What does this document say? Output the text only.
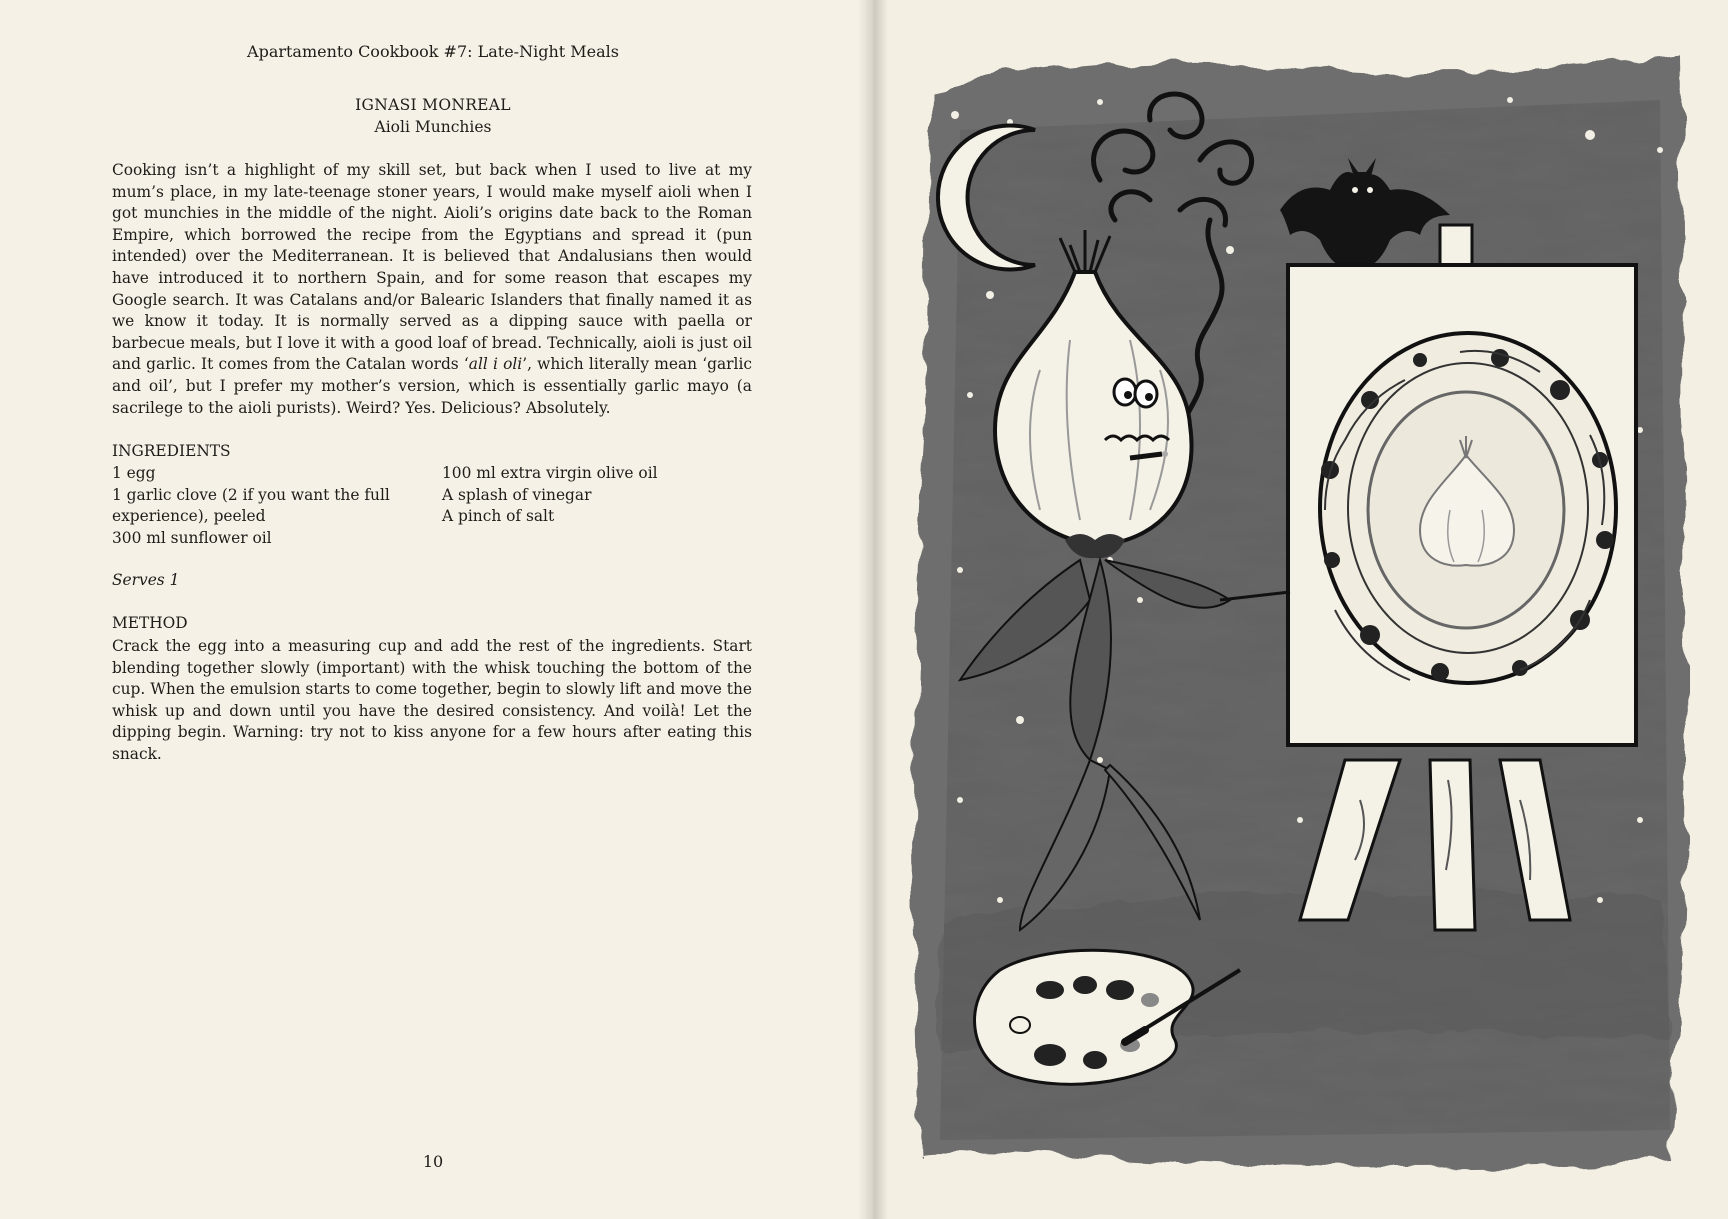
Apartamento Cookbook #7: Late-Night Meals
IGNASI MONREAL
Aioli Munchies

Cooking isn’t a highlight of my skill set, but back when I used to live at my mum’s place, in my late-teenage stoner years, I would make myself aioli when I got munchies in the middle of the night. Aioli’s origins date back to the Roman Empire, which borrowed the recipe from the Egyptians and spread it (pun intended) over the Mediterranean. It is believed that Andalusians then would have introduced it to northern Spain, and for some reason that escapes my Google search. It was Catalans and/or Balearic Islanders that finally named it as we know it today. It is normally served as a dipping sauce with paella or barbecue meals, but I love it with a good loaf of bread. Technically, aioli is just oil and garlic. It comes from the Catalan words ‘all i oli’, which literally mean ‘garlic and oil’, but I prefer my mother’s version, which is essentially garlic mayo (a sacrilege to the aioli purists). Weird? Yes. Delicious? Absolutely.

INGREDIENTS
1 egg
1 garlic clove (2 if you want the full experience), peeled
300 ml sunflower oil
100 ml extra virgin olive oil
A splash of vinegar
A pinch of salt
Serves 1
METHOD

Crack the egg into a measuring cup and add the rest of the ingredients. Start blending together slowly (important) with the whisk touching the bottom of the cup. When the emulsion starts to come together, begin to slowly lift and move the whisk up and down until you have the desired consistency. And voilà! Let the dipping begin. Warning: try not to kiss anyone for a few hours after eating this snack.

10
